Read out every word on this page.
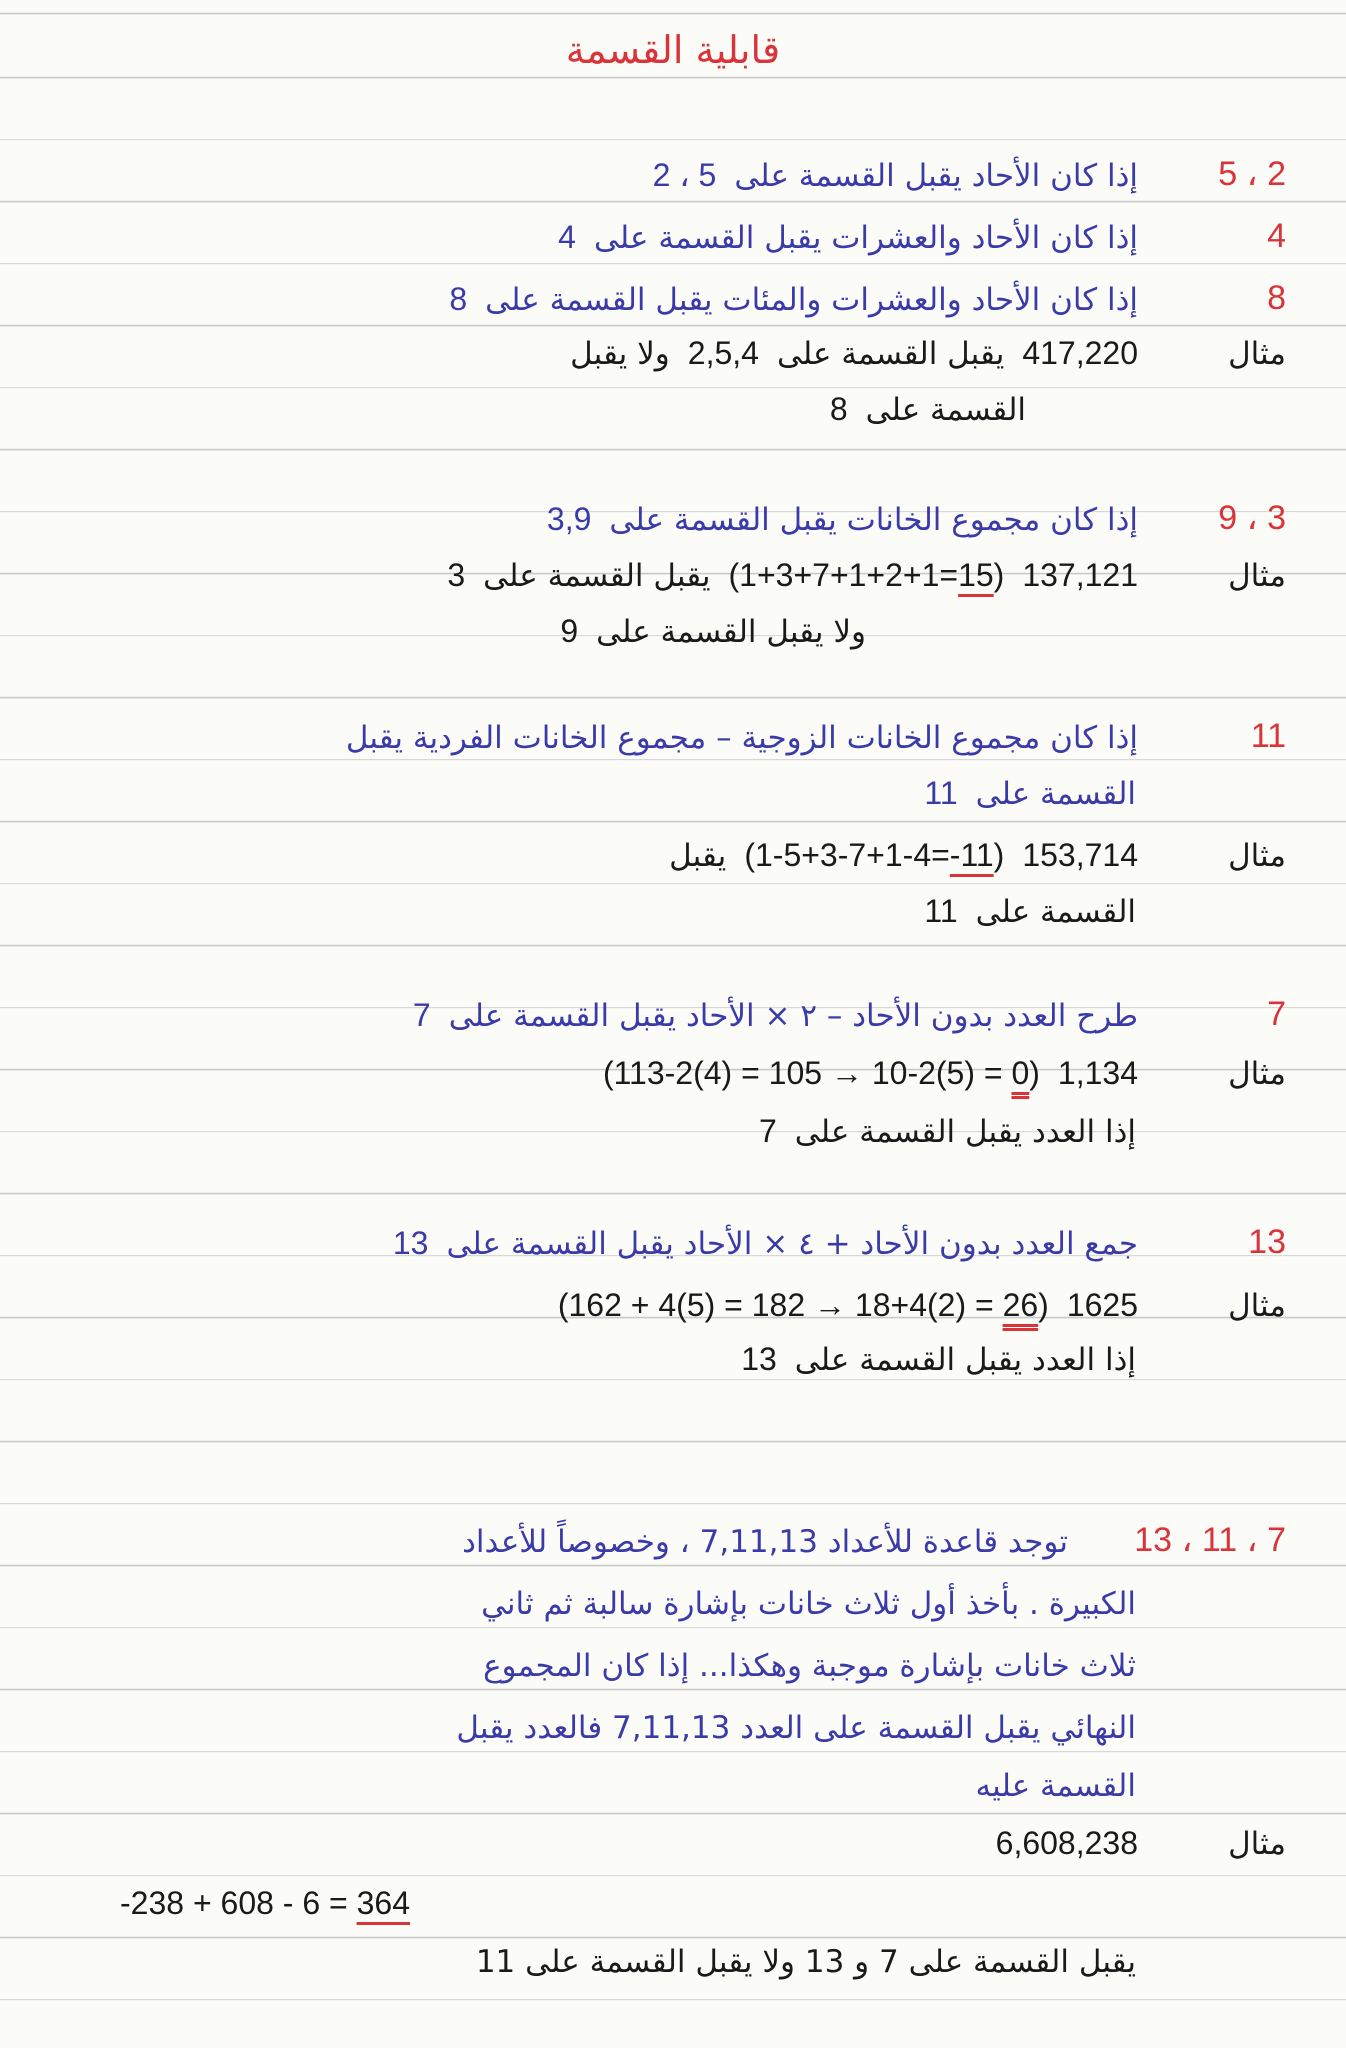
قابلية القسمة
2 ، 5
إذا كان الأحاد يقبل القسمة على
2 ، 5
4
إذا كان الأحاد والعشرات يقبل القسمة على
4
8
إذا كان الأحاد والعشرات والمئات يقبل القسمة على
8
مثال
417,220
يقبل القسمة على
2,5,4
ولا يقبل
القسمة على
8
3 ، 9
إذا كان مجموع الخانات يقبل القسمة على
3,9
مثال
137,121
(1+3+7+1+2+1=15)
يقبل القسمة على
3
ولا يقبل القسمة على
9
11
إذا كان مجموع الخانات الزوجية – مجموع الخانات الفردية يقبل
القسمة على
11
مثال
153,714
(1-5+3-7+1-4=-11)
يقبل
القسمة على
11
7
طرح العدد بدون الأحاد – ٢ × الأحاد يقبل القسمة على
7
مثال
1,134
(113-2(4) = 105 → 10-2(5) = 0)
إذا العدد يقبل القسمة على
7
13
جمع العدد بدون الأحاد + ٤ × الأحاد يقبل القسمة على
13
مثال
1625
(162 + 4(5) = 182 → 18+4(2) = 26)
إذا العدد يقبل القسمة على
13
7 ، 11 ، 13
توجد قاعدة للأعداد 7,11,13 ، وخصوصاً للأعداد
الكبيرة . بأخذ أول ثلاث خانات بإشارة سالبة ثم ثاني
ثلاث خانات بإشارة موجبة وهكذا... إذا كان المجموع
النهائي يقبل القسمة على العدد 7,11,13 فالعدد يقبل
القسمة عليه
مثال
6,608,238
-238 + 608 - 6 = 364
يقبل القسمة على 7 و 13 ولا يقبل القسمة على 11
